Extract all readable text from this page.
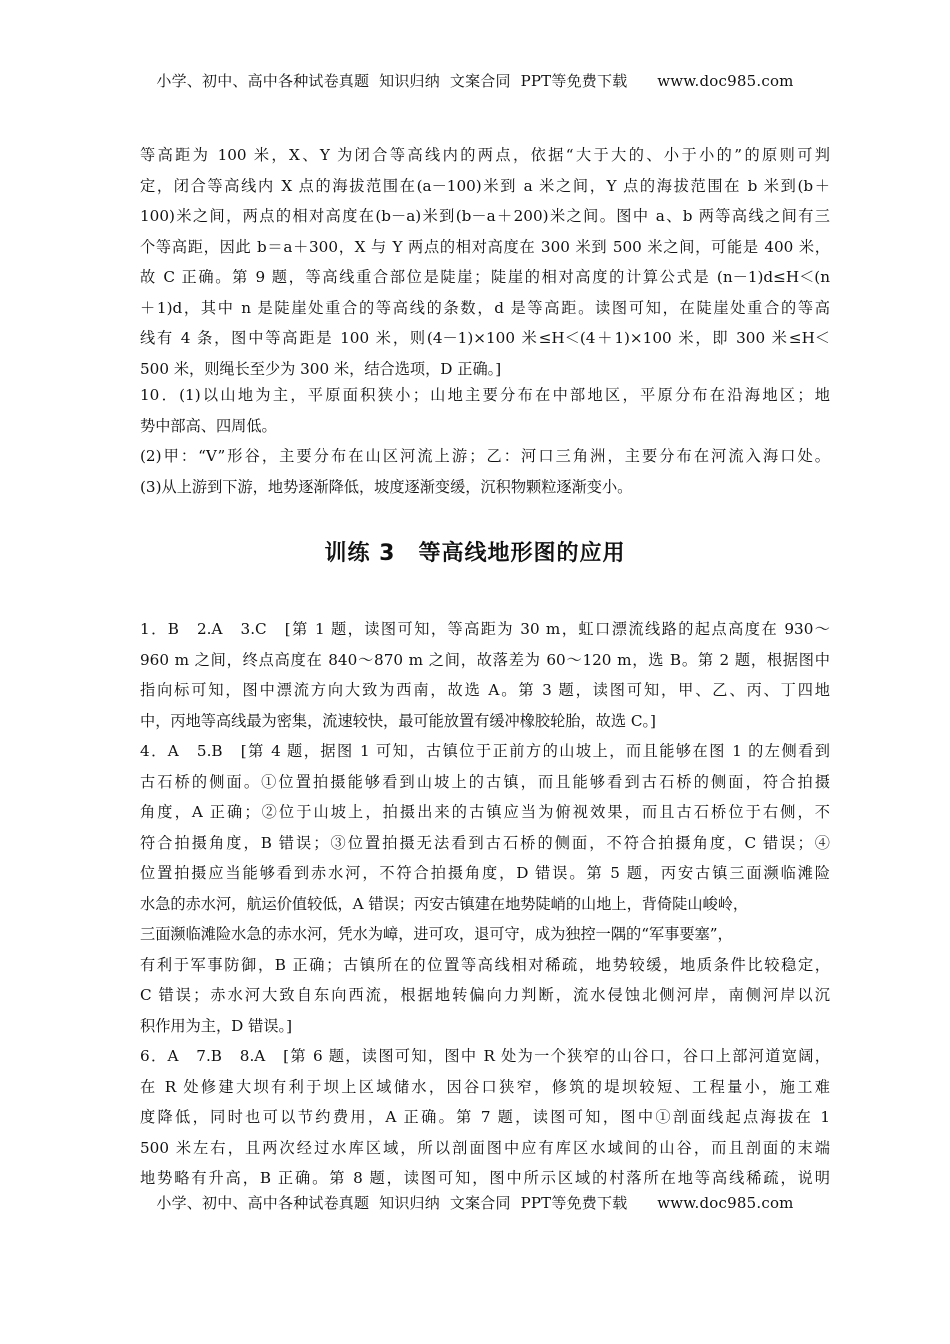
小学、初中、高中各种试卷真题  知识归纳  文案合同  PPT等免费下载      www.doc985.com
等高距为 100 米，X、Y 为闭合等高线内的两点，依据“大于大的、小于小的”的原则可判
定，闭合等高线内 X 点的海拔范围在(a－100)米到 a 米之间，Y 点的海拔范围在 b 米到(b＋
100)米之间，两点的相对高度在(b－a)米到(b－a＋200)米之间。图中 a、b 两等高线之间有三
个等高距，因此 b＝a＋300，X 与 Y 两点的相对高度在 300 米到 500 米之间，可能是 400 米，
故 C 正确。第 9 题，等高线重合部位是陡崖；陡崖的相对高度的计算公式是 (n－1)d≤H＜(n
＋1)d，其中 n 是陡崖处重合的等高线的条数，d 是等高距。读图可知，在陡崖处重合的等高
线有 4 条，图中等高距是 100 米，则(4－1)×100 米≤H＜(4＋1)×100 米，即 300 米≤H＜
500 米，则绳长至少为 300 米，结合选项，D 正确。]
10．(1)以山地为主，平原面积狭小；山地主要分布在中部地区，平原分布在沿海地区；地
势中部高、四周低。
(2)甲：“V”形谷，主要分布在山区河流上游；乙：河口三角洲，主要分布在河流入海口处。
(3)从上游到下游，地势逐渐降低，坡度逐渐变缓，沉积物颗粒逐渐变小。
训练 3　等高线地形图的应用
1．B　2.A　3.C　[第 1 题，读图可知，等高距为 30 m，虹口漂流线路的起点高度在 930～
960 m 之间，终点高度在 840～870 m 之间，故落差为 60～120 m，选 B。第 2 题，根据图中
指向标可知，图中漂流方向大致为西南，故选 A。第 3 题，读图可知，甲、乙、丙、丁四地
中，丙地等高线最为密集，流速较快，最可能放置有缓冲橡胶轮胎，故选 C。]
4．A　5.B　[第 4 题，据图 1 可知，古镇位于正前方的山坡上，而且能够在图 1 的左侧看到
古石桥的侧面。①位置拍摄能够看到山坡上的古镇，而且能够看到古石桥的侧面，符合拍摄
角度，A 正确；②位于山坡上，拍摄出来的古镇应当为俯视效果，而且古石桥位于右侧，不
符合拍摄角度，B 错误；③位置拍摄无法看到古石桥的侧面，不符合拍摄角度，C 错误；④
位置拍摄应当能够看到赤水河，不符合拍摄角度，D 错误。第 5 题，丙安古镇三面濒临滩险
水急的赤水河，航运价值较低，A 错误；丙安古镇建在地势陡峭的山地上，背倚陡山峻岭，
三面濒临滩险水急的赤水河，凭水为嶂，进可攻，退可守，成为独控一隅的“军事要塞”，
有利于军事防御，B 正确；古镇所在的位置等高线相对稀疏，地势较缓，地质条件比较稳定，
C 错误；赤水河大致自东向西流，根据地转偏向力判断，流水侵蚀北侧河岸，南侧河岸以沉
积作用为主，D 错误。]
6．A　7.B　8.A　[第 6 题，读图可知，图中 R 处为一个狭窄的山谷口，谷口上部河道宽阔，
在 R 处修建大坝有利于坝上区域储水，因谷口狭窄，修筑的堤坝较短、工程量小，施工难
度降低，同时也可以节约费用，A 正确。第 7 题，读图可知，图中①剖面线起点海拔在 1
500 米左右，且两次经过水库区域，所以剖面图中应有库区水域间的山谷，而且剖面的末端
地势略有升高，B 正确。第 8 题，读图可知，图中所示区域的村落所在地等高线稀疏，说明
小学、初中、高中各种试卷真题  知识归纳  文案合同  PPT等免费下载      www.doc985.com
